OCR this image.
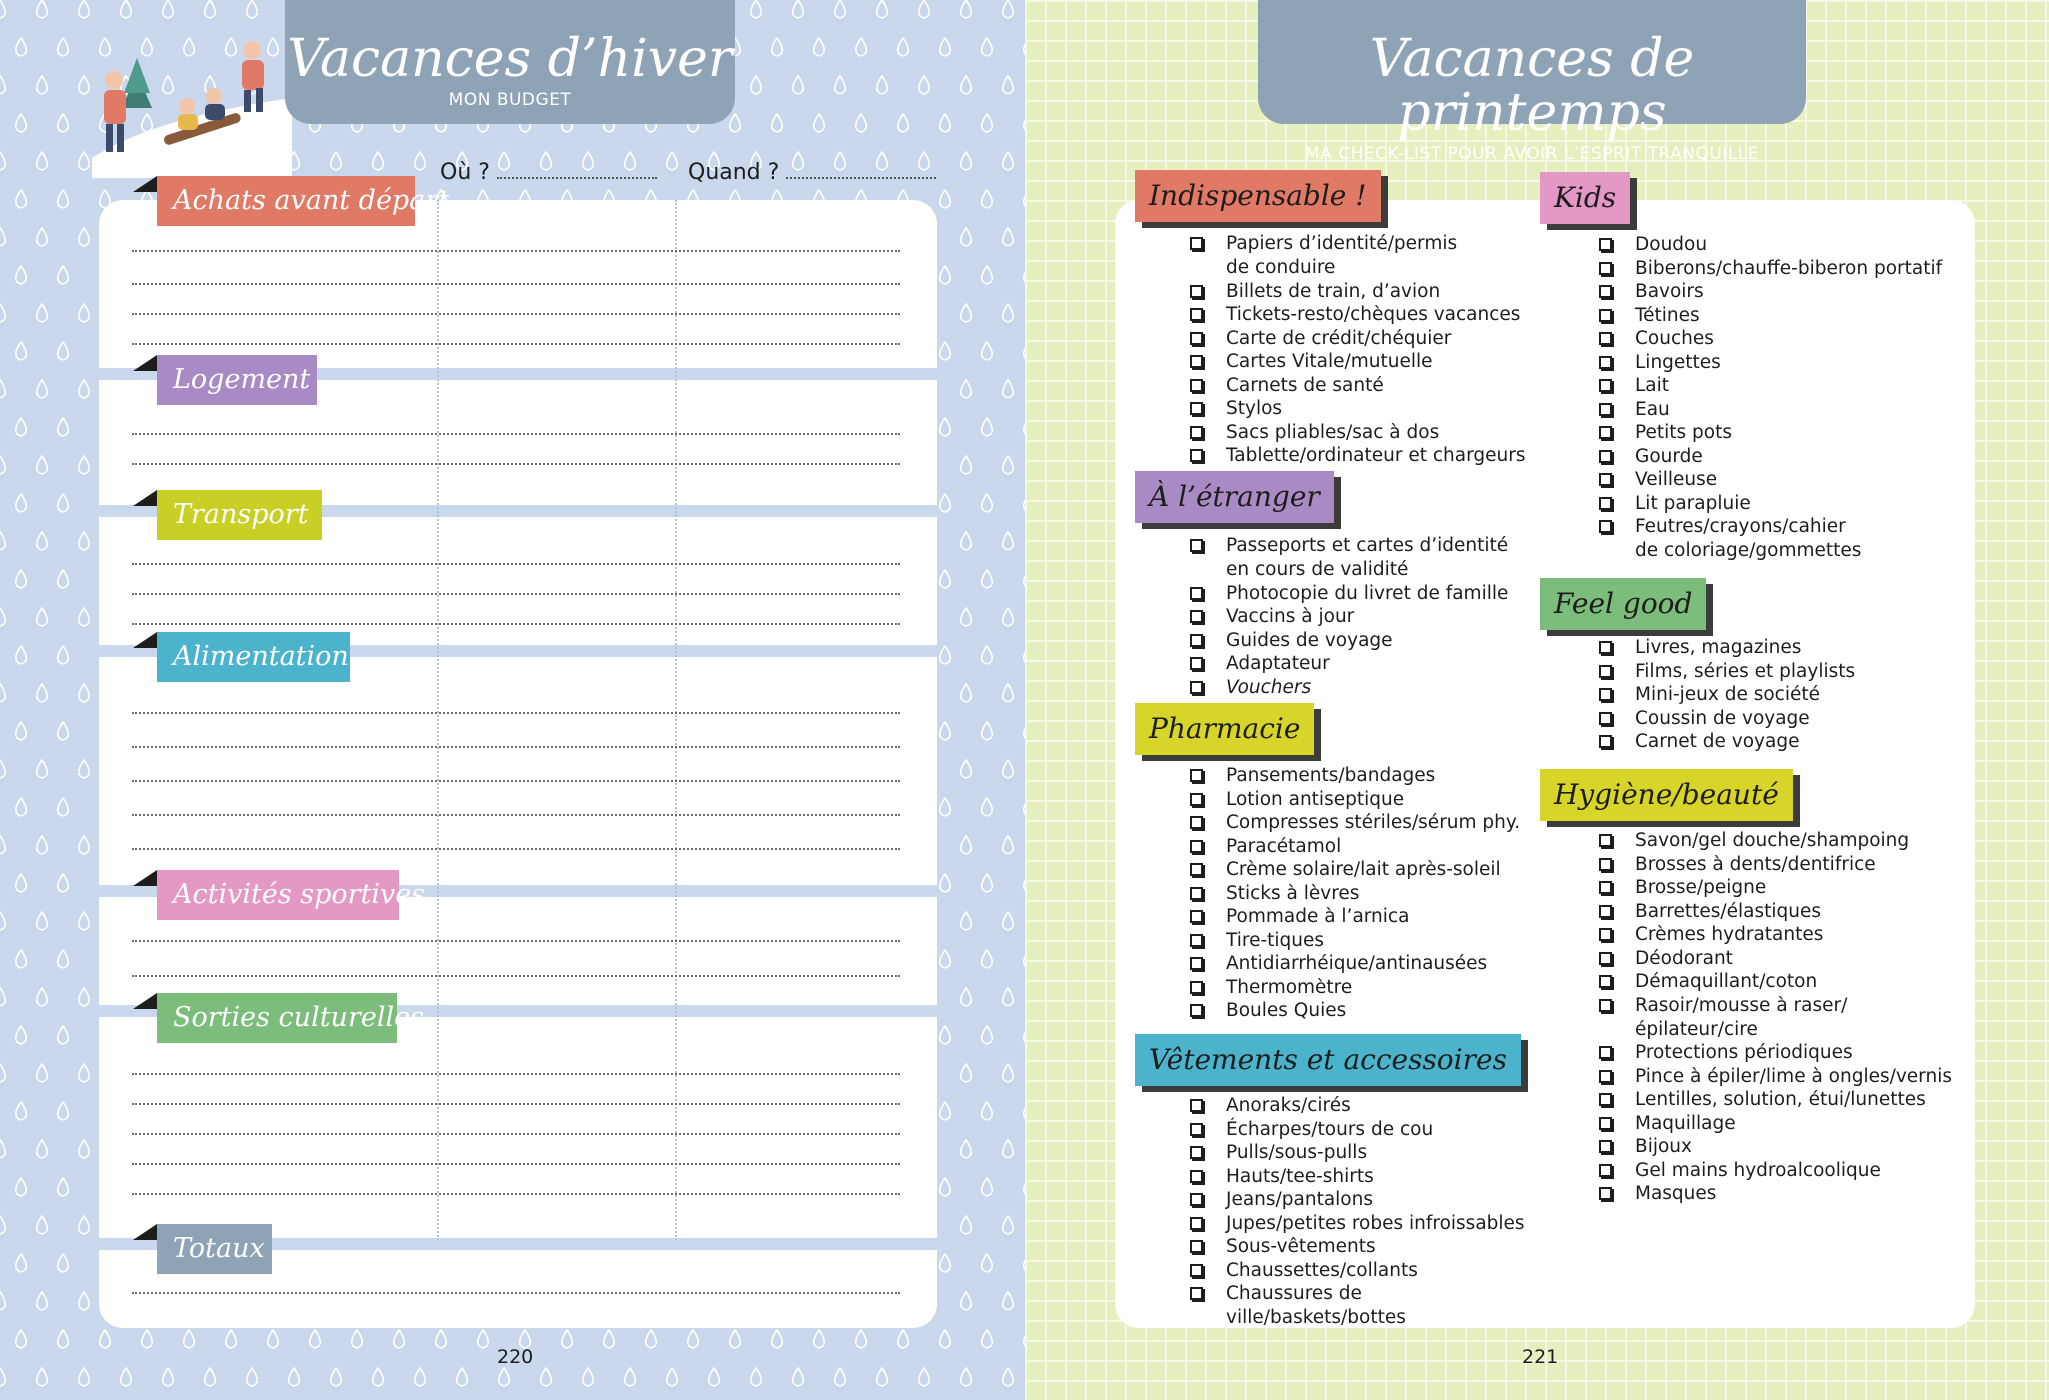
Vacances d’hiver
MON BUDGET
Où ?	Quand ?
Achats avant départ
Logement
Transport
Alimentation
Activités sportives
Sorties culturelles
Totaux
220
Vacances de printemps
MA CHECK-LIST POUR AVOIR L’ESPRIT TRANQUILLE
Indispensable !
À l’étranger
Pharmacie
Vêtements et accessoires
Kids
Feel good
Hygiène/beauté
Papiers d’identité/permis
de conduire
Billets de train, d’avion
Tickets-resto/chèques vacances
Carte de crédit/chéquier
Cartes Vitale/mutuelle
Carnets de santé
Stylos
Sacs pliables/sac à dos
Tablette/ordinateur et chargeurs
Passeports et cartes d’identité
en cours de validité
Photocopie du livret de famille
Vaccins à jour
Guides de voyage
Adaptateur
Vouchers
Pansements/bandages
Lotion antiseptique
Compresses stériles/sérum phy.
Paracétamol
Crème solaire/lait après-soleil
Sticks à lèvres
Pommade à l’arnica
Tire-tiques
Antidiarrhéique/antinausées
Thermomètre
Boules Quies
Anoraks/cirés
Écharpes/tours de cou
Pulls/sous-pulls
Hauts/tee-shirts
Jeans/pantalons
Jupes/petites robes infroissables
Sous-vêtements
Chaussettes/collants
Chaussures de ville/baskets/bottes
Doudou
Biberons/chauffe-biberon portatif
Bavoirs
Tétines
Couches
Lingettes
Lait
Eau
Petits pots
Gourde
Veilleuse
Lit parapluie
Feutres/crayons/cahier
de coloriage/gommettes
Livres, magazines
Films, séries et playlists
Mini-jeux de société
Coussin de voyage
Carnet de voyage
Savon/gel douche/shampoing
Brosses à dents/dentifrice
Brosse/peigne
Barrettes/élastiques
Crèmes hydratantes
Déodorant
Démaquillant/coton
Rasoir/mousse à raser/épilateur/cire
Protections périodiques
Pince à épiler/lime à ongles/vernis
Lentilles, solution, étui/lunettes
Maquillage
Bijoux
Gel mains hydroalcoolique
Masques
221
